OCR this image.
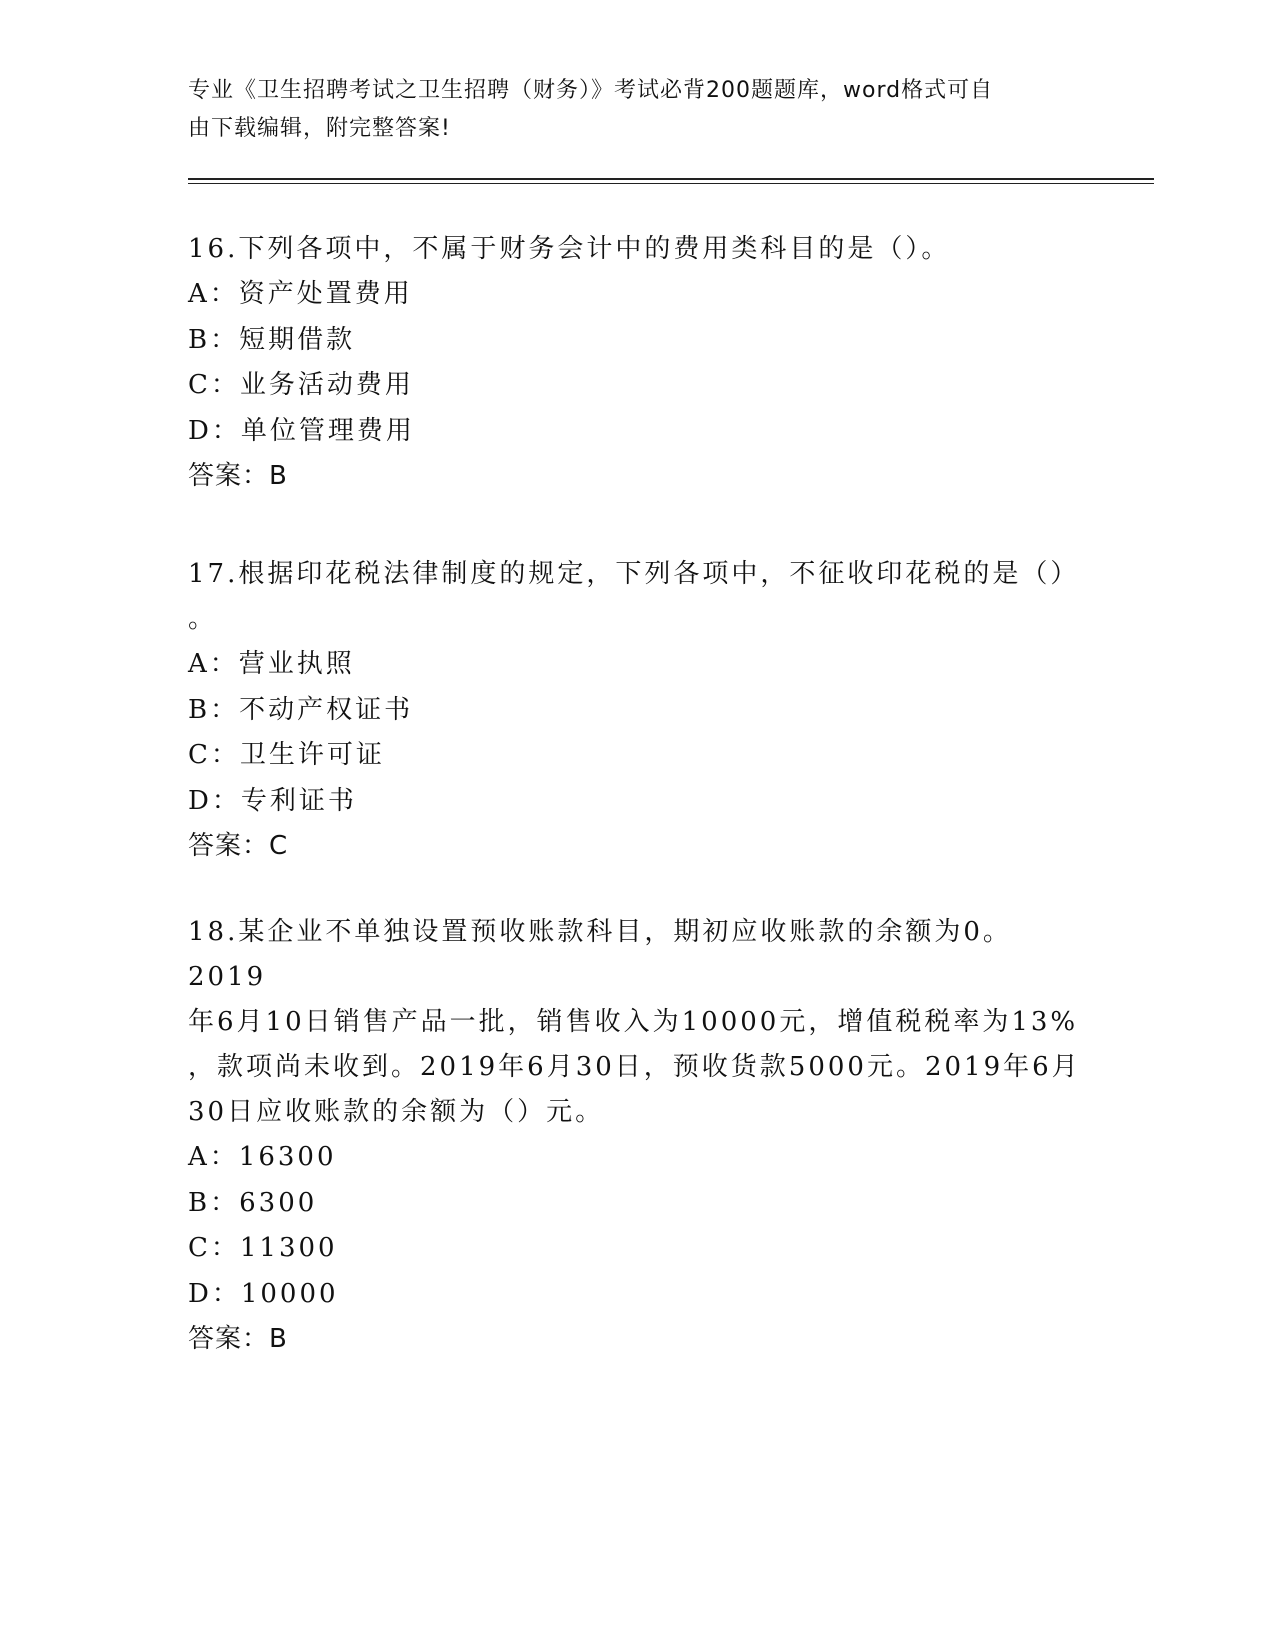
专业《卫生招聘考试之卫生招聘（财务）》考试必背200题题库，word格式可自
由下载编辑，附完整答案!

16.下列各项中，不属于财务会计中的费用类科目的是（）。

A：资产处置费用

B：短期借款

C：业务活动费用

D：单位管理费用

答案：B

17.根据印花税法律制度的规定，下列各项中，不征收印花税的是（）

。

A：营业执照

B：不动产权证书

C：卫生许可证

D：专利证书

答案：C

18.某企业不单独设置预收账款科目，期初应收账款的余额为0。2019

年6月10日销售产品一批，销售收入为10000元，增值税税率为13%

，款项尚未收到。2019年6月30日，预收货款5000元。2019年6月

30日应收账款的余额为（）元。

A：16300

B：6300

C：11300

D：10000

答案：B
